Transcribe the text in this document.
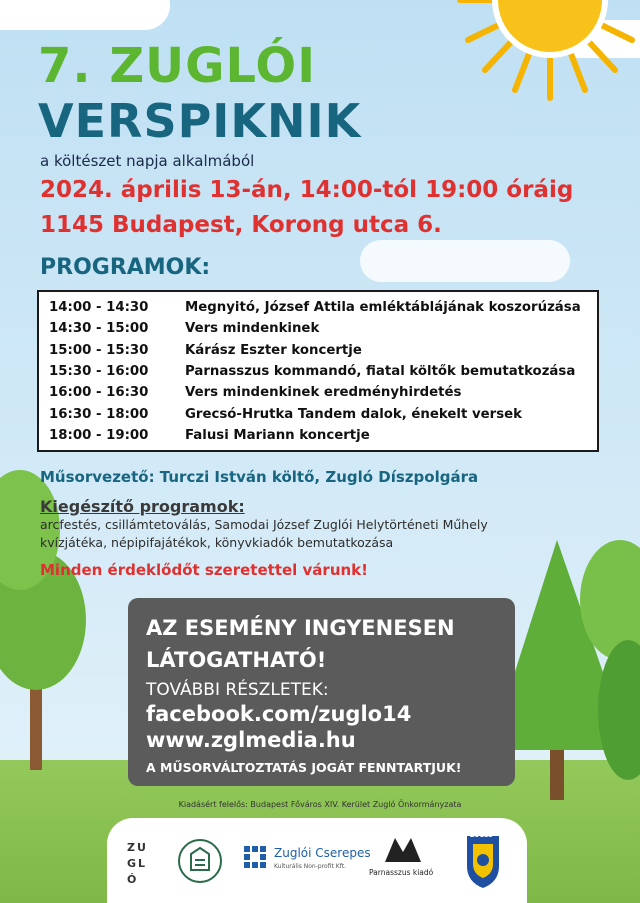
7. ZUGLÓI
VERSPIKNIK

a költészet napja alkalmából

2024. április 13-án, 14:00-tól 19:00 óráig

1145 Budapest, Korong utca 6.

PROGRAMOK:

14:00 - 14:30	Megnyitó, József Attila emléktáblájának koszorúzása
14:30 - 15:00	Vers mindenkinek
15:00 - 15:30	Kárász Eszter koncertje
15:30 - 16:00	Parnasszus kommandó, fiatal költők bemutatkozása
16:00 - 16:30	Vers mindenkinek eredményhirdetés
16:30 - 18:00	Grecsó-Hrutka Tandem dalok, énekelt versek
18:00 - 19:00	Falusi Mariann koncertje

Műsorvezető: Turczi István költő, Zugló Díszpolgára

Kiegészítő programok:

arcfestés, csillámtetoválás, Samodai József Zuglói Helytörténeti Műhely

kvízjátéka, népipifajátékok, könyvkiadók bemutatkozása

Minden érdeklődőt szeretettel várunk!

AZ ESEMÉNY INGYENESEN

LÁTOGATHATÓ!

TOVÁBBI RÉSZLETEK:

facebook.com/zuglo14
www.zglmedia.hu

A MŰSORVÁLTOZTATÁS JOGÁT FENNTARTJUK!

Kiadásért felelős: Budapest Főváros XIV. Kerület Zugló Önkormányzata

ZUGLÓ

Zuglói Cserepes

Kulturális Non-profit Kft.

Parnasszus kiadó

ZUGLÓ
